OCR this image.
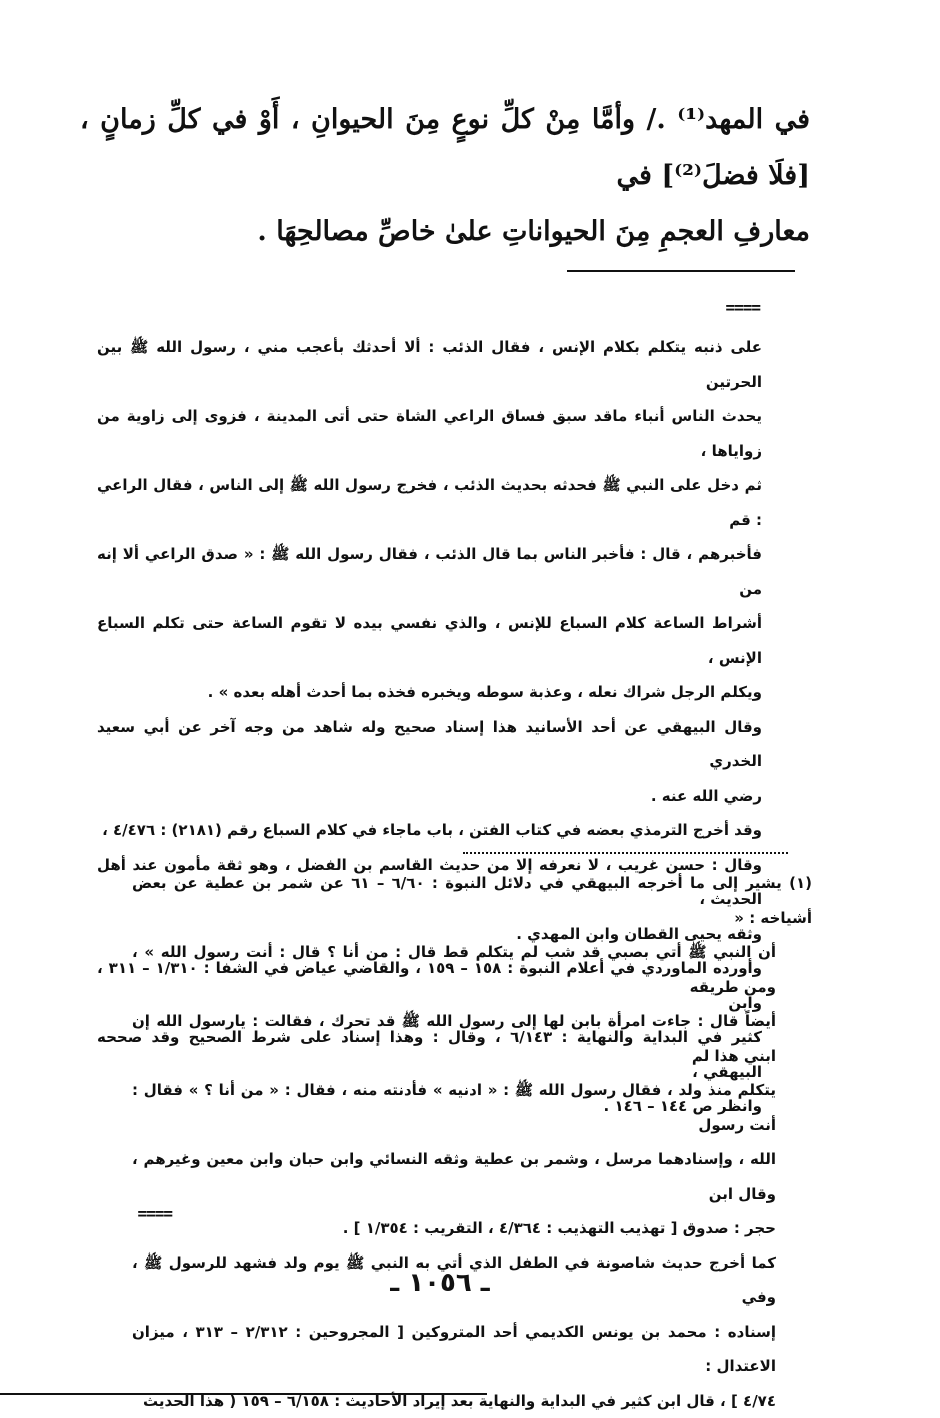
في المهد⁽¹⁾ ./ وأمَّا مِنْ كلِّ نوعٍ مِنَ الحيوانِ ، أَوْ في كلِّ زمانٍ ، [فلَا فضلَ⁽²⁾] في

معارفِ العجمِ مِنَ الحيواناتِ علىٰ خاصِّ مصالحِهَا .

====

على ذنبه يتكلم بكلام الإنس ، فقال الذئب : ألا أحدثك بأعجب مني ، رسول الله ﷺ بين الحرتين

يحدث الناس أنباء ماقد سبق فساق الراعي الشاة حتى أتى المدينة ، فزوى إلى زاوية من زواياها ،

ثم دخل على النبي ﷺ فحدثه بحديث الذئب ، فخرج رسول الله ﷺ إلى الناس ، فقال الراعي : قم

فأخبرهم ، قال : فأخبر الناس بما قال الذئب ، فقال رسول الله ﷺ : « صدق الراعي ألا إنه من

أشراط الساعة كلام السباع للإنس ، والذي نفسي بيده لا تقوم الساعة حتى تكلم السباع الإنس ،

ويكلم الرجل شراك نعله ، وعذبة سوطه ويخبره فخذه بما أحدث أهله بعده » .

وقال البيهقي عن أحد الأسانيد هذا إسناد صحيح وله شاهد من وجه آخر عن أبي سعيد الخدري

رضي الله عنه .

وقد أخرج الترمذي بعضه في كتاب الفتن ، باب ماجاء في كلام السباع رقم (٢١٨١) : ٤/٤٧٦ ،

وقال : حسن غريب ، لا نعرفه إلا من حديث القاسم بن الفضل ، وهو ثقة مأمون عند أهل الحديث ،

وثقه يحيى القطان وابن المهدي .

وأورده الماوردي في أعلام النبوة : ١٥٨ – ١٥٩ ، والقاضي عياض في الشفا : ١/٣١٠ – ٣١١ ، وابن

كثير في البداية والنهاية : ٦/١٤٣ ، وقال : وهذا إسناد على شرط الصحيح وقد صححه البيهقي ،

وانظر ص ١٤٤ – ١٤٦ .

(١) يشير إلى ما أخرجه البيهقي في دلائل النبوة : ٦/٦٠ – ٦١ عن شمر بن عطية عن بعض أشياخه : «

أن النبي ﷺ أتي بصبي قد شب لم يتكلم قط قال : من أنا ؟ قال : أنت رسول الله » ، ومن طريقه

أيضاً قال : جاءت امرأة بابن لها إلى رسول الله ﷺ قد تحرك ، فقالت : يارسول الله إن ابني هذا لم

يتكلم منذ ولد ، فقال رسول الله ﷺ : « ادنيه » فأدنته منه ، فقال : « من أنا ؟ » فقال : أنت رسول

الله ، وإسنادهما مرسل ، وشمر بن عطية وثقه النسائي وابن حبان وابن معين وغيرهم ، وقال ابن

حجر : صدوق [ تهذيب التهذيب : ٤/٣٦٤ ، التقريب : ١/٣٥٤ ] .

كما أخرج حديث شاصونة في الطفل الذي أتي به النبي ﷺ يوم ولد فشهد للرسول ﷺ ، وفي

إسناده : محمد بن يونس الكديمي أحد المتروكين [ المجروحين : ٢/٣١٢ – ٣١٣ ، ميزان الاعتدال :

٤/٧٤ ] ، قال ابن كثير في البداية والنهاية بعد إيراد الأحاديث : ٦/١٥٨ – ١٥٩ ( هذا الحديث

====
ـ ١٠٥٦ ـ
